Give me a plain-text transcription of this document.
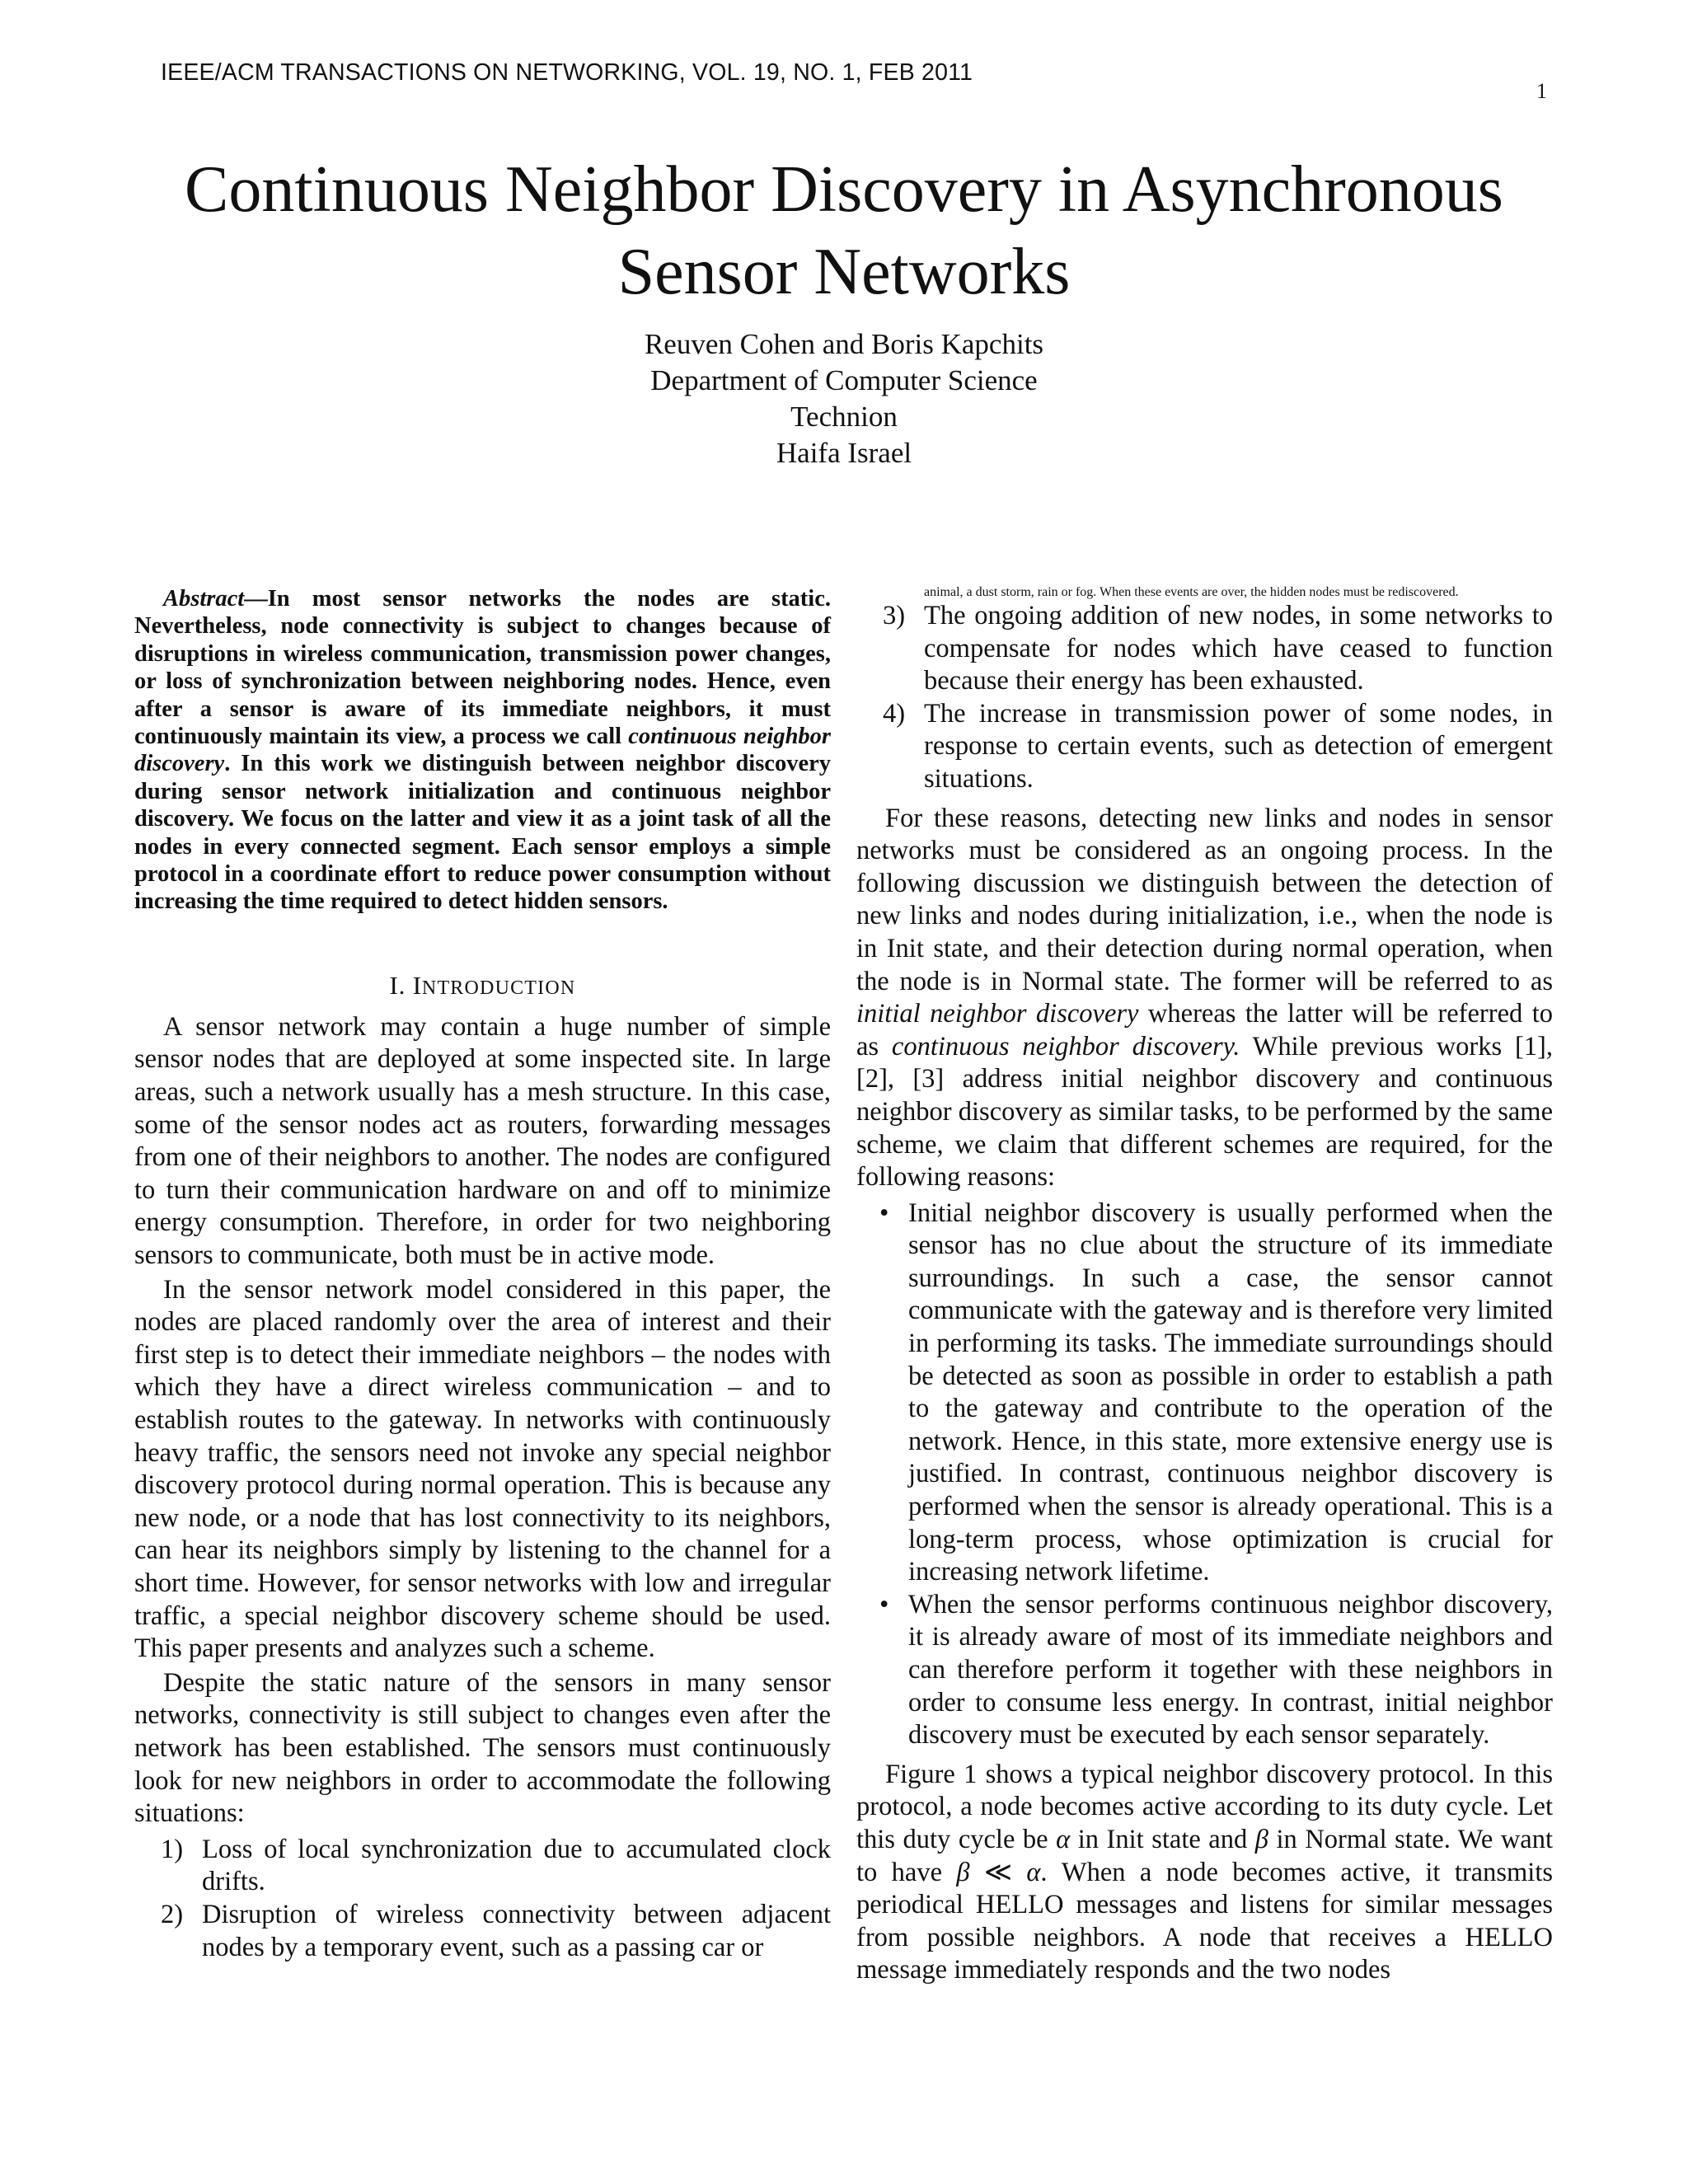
IEEE/ACM TRANSACTIONS ON NETWORKING, VOL. 19, NO. 1, FEB 2011
1
Continuous Neighbor Discovery in Asynchronous
Sensor Networks
Reuven Cohen and Boris Kapchits
Department of Computer Science
Technion
Haifa Israel

Abstract—In most sensor networks the nodes are static. Nevertheless, node connectivity is subject to changes because of disruptions in wireless communication, transmission power changes, or loss of synchronization between neighboring nodes. Hence, even after a sensor is aware of its immediate neighbors, it must continuously maintain its view, a process we call continuous neighbor discovery. In this work we distinguish between neighbor discovery during sensor network initialization and continuous neighbor discovery. We focus on the latter and view it as a joint task of all the nodes in every connected segment. Each sensor employs a simple protocol in a coordinate effort to reduce power consumption without increasing the time required to detect hidden sensors.

I. INTRODUCTION

A sensor network may contain a huge number of simple sensor nodes that are deployed at some inspected site. In large areas, such a network usually has a mesh structure. In this case, some of the sensor nodes act as routers, forwarding messages from one of their neighbors to another. The nodes are configured to turn their communication hardware on and off to minimize energy consumption. Therefore, in order for two neighboring sensors to communicate, both must be in active mode.

In the sensor network model considered in this paper, the nodes are placed randomly over the area of interest and their first step is to detect their immediate neighbors – the nodes with which they have a direct wireless communication – and to establish routes to the gateway. In networks with continuously heavy traffic, the sensors need not invoke any special neighbor discovery protocol during normal operation. This is because any new node, or a node that has lost connectivity to its neighbors, can hear its neighbors simply by listening to the channel for a short time. However, for sensor networks with low and irregular traffic, a special neighbor discovery scheme should be used. This paper presents and analyzes such a scheme.

Despite the static nature of the sensors in many sensor networks, connectivity is still subject to changes even after the network has been established. The sensors must continuously look for new neighbors in order to accommodate the following situations:

1) Loss of local synchronization due to accumulated clock drifts.
2) Disruption of wireless connectivity between adjacent nodes by a temporary event, such as a passing car or
animal, a dust storm, rain or fog. When these events are over, the hidden nodes must be rediscovered.
3) The ongoing addition of new nodes, in some networks to compensate for nodes which have ceased to function because their energy has been exhausted.
4) The increase in transmission power of some nodes, in response to certain events, such as detection of emergent situations.

For these reasons, detecting new links and nodes in sensor networks must be considered as an ongoing process. In the following discussion we distinguish between the detection of new links and nodes during initialization, i.e., when the node is in Init state, and their detection during normal operation, when the node is in Normal state. The former will be referred to as initial neighbor discovery whereas the latter will be referred to as continuous neighbor discovery. While previous works [1], [2], [3] address initial neighbor discovery and continuous neighbor discovery as similar tasks, to be performed by the same scheme, we claim that different schemes are required, for the following reasons:

• Initial neighbor discovery is usually performed when the sensor has no clue about the structure of its immediate surroundings. In such a case, the sensor cannot communicate with the gateway and is therefore very limited in performing its tasks. The immediate surroundings should be detected as soon as possible in order to establish a path to the gateway and contribute to the operation of the network. Hence, in this state, more extensive energy use is justified. In contrast, continuous neighbor discovery is performed when the sensor is already operational. This is a long-term process, whose optimization is crucial for increasing network lifetime.
• When the sensor performs continuous neighbor discovery, it is already aware of most of its immediate neighbors and can therefore perform it together with these neighbors in order to consume less energy. In contrast, initial neighbor discovery must be executed by each sensor separately.

Figure 1 shows a typical neighbor discovery protocol. In this protocol, a node becomes active according to its duty cycle. Let this duty cycle be α in Init state and β in Normal state. We want to have β ≪ α. When a node becomes active, it transmits periodical HELLO messages and listens for similar messages from possible neighbors. A node that receives a HELLO message immediately responds and the two nodes
